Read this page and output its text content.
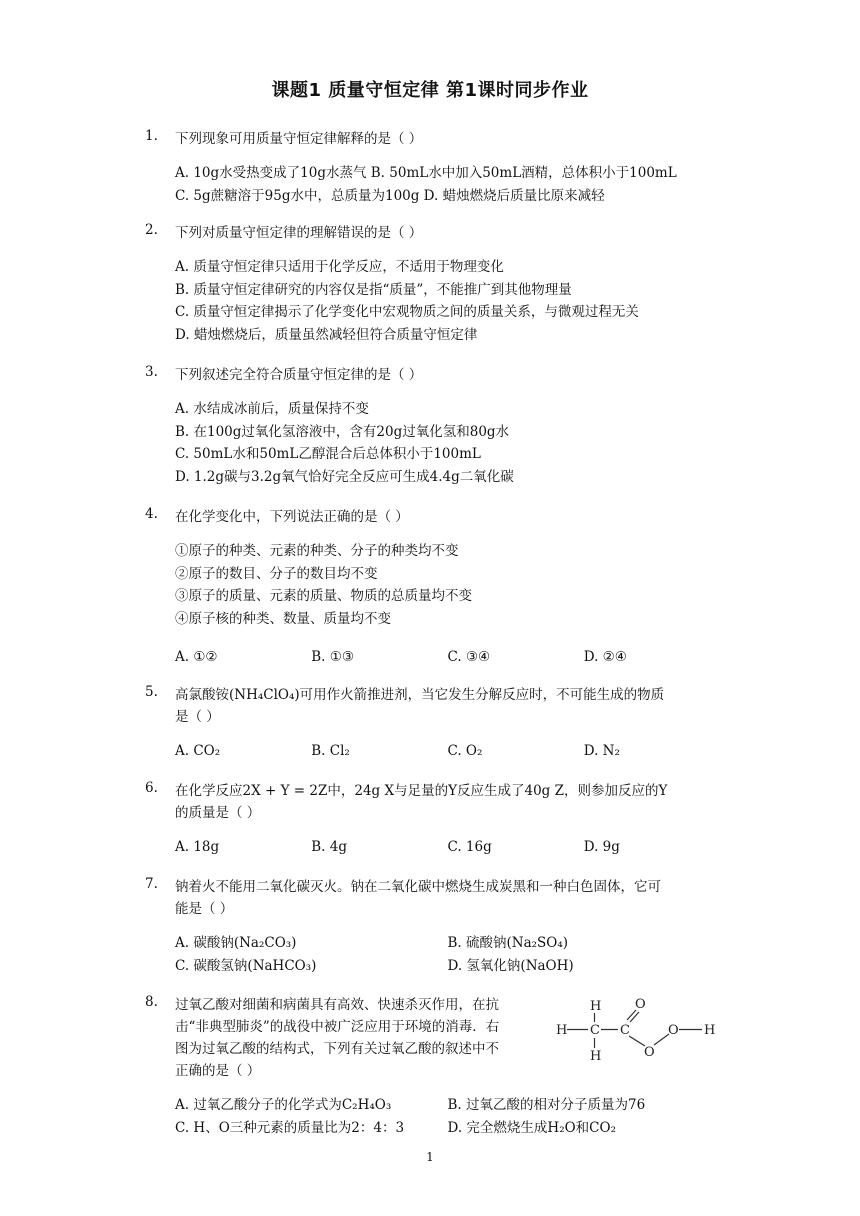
课题1 质量守恒定律 第1课时同步作业
1.	下列现象可用质量守恒定律解释的是（ ）
A. 10g水受热变成了10g水蒸气 B. 50mL水中加入50mL酒精，总体积小于100mL
C. 5g蔗糖溶于95g水中，总质量为100g D. 蜡烛燃烧后质量比原来减轻
2.	下列对质量守恒定律的理解错误的是（ ）
A. 质量守恒定律只适用于化学反应，不适用于物理变化
B. 质量守恒定律研究的内容仅是指“质量”，不能推广到其他物理量
C. 质量守恒定律揭示了化学变化中宏观物质之间的质量关系，与微观过程无关
D. 蜡烛燃烧后，质量虽然减轻但符合质量守恒定律
3.	下列叙述完全符合质量守恒定律的是（ ）
A. 水结成冰前后，质量保持不变
B. 在100g过氧化氢溶液中，含有20g过氧化氢和80g水
C. 50mL水和50mL乙醇混合后总体积小于100mL
D. 1.2g碳与3.2g氧气恰好完全反应可生成4.4g二氧化碳
4.	在化学变化中，下列说法正确的是（ ）
①原子的种类、元素的种类、分子的种类均不变
②原子的数目、分子的数目均不变
③原子的质量、元素的质量、物质的总质量均不变
④原子核的种类、数量、质量均不变
A. ①②	B. ①③	C. ③④	D. ②④
5.	高氯酸铵(NH₄ClO₄)可用作火箭推进剂，当它发生分解反应时，不可能生成的物质
是（ ）
A. CO₂	B. Cl₂	C. O₂	D. N₂
6.	在化学反应2X + Y = 2Z中，24g X与足量的Y反应生成了40g Z，则参加反应的Y
的质量是（ ）
A. 18g	B. 4g	C. 16g	D. 9g
7.	钠着火不能用二氧化碳灭火。钠在二氧化碳中燃烧生成炭黑和一种白色固体，它可
能是（ ）
A. 碳酸钠(Na₂CO₃)	B. 硫酸钠(Na₂SO₄)
C. 碳酸氢钠(NaHCO₃)	D. 氢氧化钠(NaOH)
8.	过氧乙酸对细菌和病菌具有高效、快速杀灭作用，在抗
击“非典型肺炎”的战役中被广泛应用于环境的消毒．右
图为过氧乙酸的结构式，下列有关过氧乙酸的叙述中不
正确的是（ ）
A. 过氧乙酸分子的化学式为C₂H₄O₃	B. 过氧乙酸的相对分子质量为76
C. H、O三种元素的质量比为2：4：3	D. 完全燃烧生成H₂O和CO₂
H
H
H
C C
O
O
O H
1
